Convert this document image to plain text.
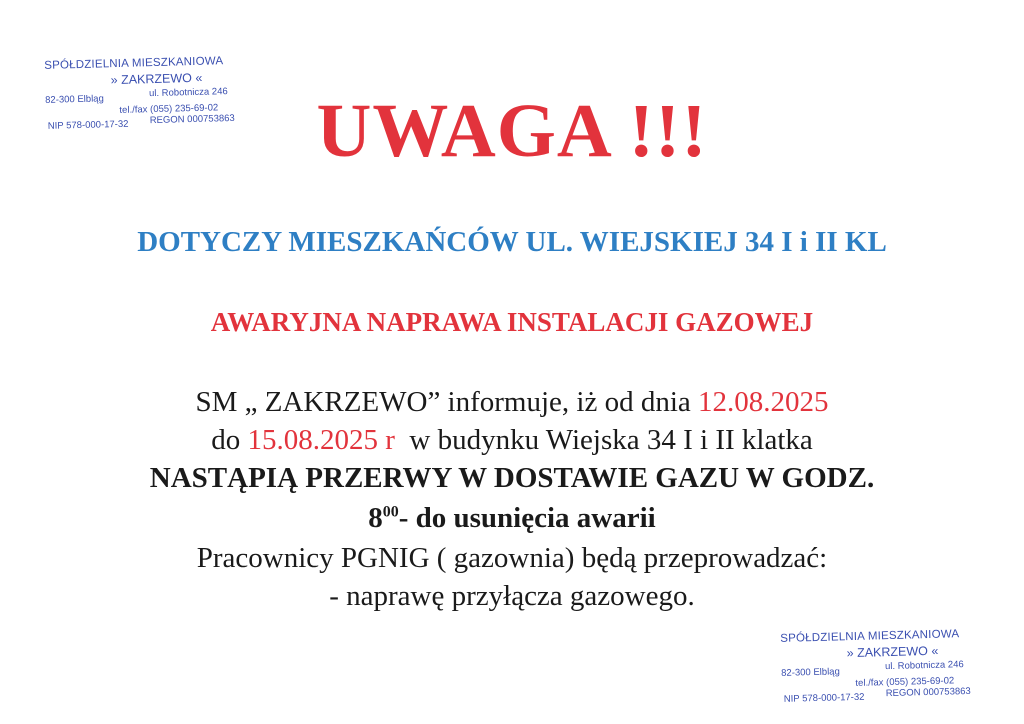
SPÓŁDZIELNIA MIESZKANIOWA
» ZAKRZEWO «
82-300 Elbląg
ul. Robotnicza 246
tel./fax (055) 235-69-02
NIP 578-000-17-32 REGON 000753863	UWAGA !!!
DOTYCZY MIESZKAŃCÓW UL. WIEJSKIEJ 34 I i II KL
AWARYJNA NAPRAWA INSTALACJI GAZOWEJ
SM „ ZAKRZEWO” informuje, iż od dnia 12.08.2025
do 15.08.2025 r  w budynku Wiejska 34 I i II klatka
NASTĄPIĄ PRZERWY W DOSTAWIE GAZU W GODZ.
$8^{00}-$ do usunięcia awarii
Pracownicy PGNIG ( gazownia) będą przeprowadzać:
- naprawę przyłącza gazowego.
SPÓŁDZIELNIA MIESZKANIOWA
» ZAKRZEWO «
82-300 Elbląg
ul. Robotnicza 246
tel./fax (055) 235-69-02
NIP 578-000-17-32 REGON 000753863
